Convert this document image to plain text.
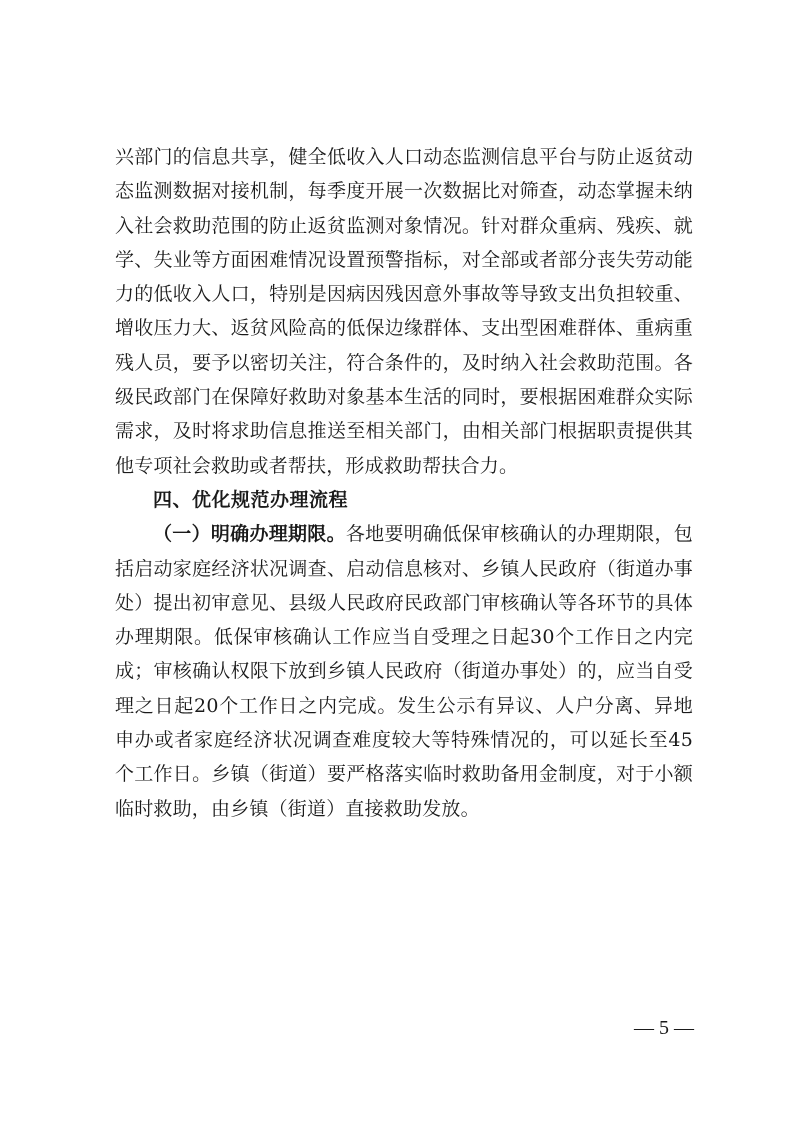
兴部门的信息共享，健全低收入人口动态监测信息平台与防止返贫动态监测数据对接机制，每季度开展一次数据比对筛查，动态掌握未纳入社会救助范围的防止返贫监测对象情况。针对群众重病、残疾、就学、失业等方面困难情况设置预警指标，对全部或者部分丧失劳动能力的低收入人口，特别是因病因残因意外事故等导致支出负担较重、增收压力大、返贫风险高的低保边缘群体、支出型困难群体、重病重残人员，要予以密切关注，符合条件的，及时纳入社会救助范围。各级民政部门在保障好救助对象基本生活的同时，要根据困难群众实际需求，及时将求助信息推送至相关部门，由相关部门根据职责提供其他专项社会救助或者帮扶，形成救助帮扶合力。

四、优化规范办理流程

（一）明确办理期限。各地要明确低保审核确认的办理期限，包括启动家庭经济状况调查、启动信息核对、乡镇人民政府（街道办事处）提出初审意见、县级人民政府民政部门审核确认等各环节的具体办理期限。低保审核确认工作应当自受理之日起30个工作日之内完成；审核确认权限下放到乡镇人民政府（街道办事处）的，应当自受理之日起20个工作日之内完成。发生公示有异议、人户分离、异地申办或者家庭经济状况调查难度较大等特殊情况的，可以延长至45个工作日。乡镇（街道）要严格落实临时救助备用金制度，对于小额临时救助，由乡镇（街道）直接救助发放。

— 5 —
